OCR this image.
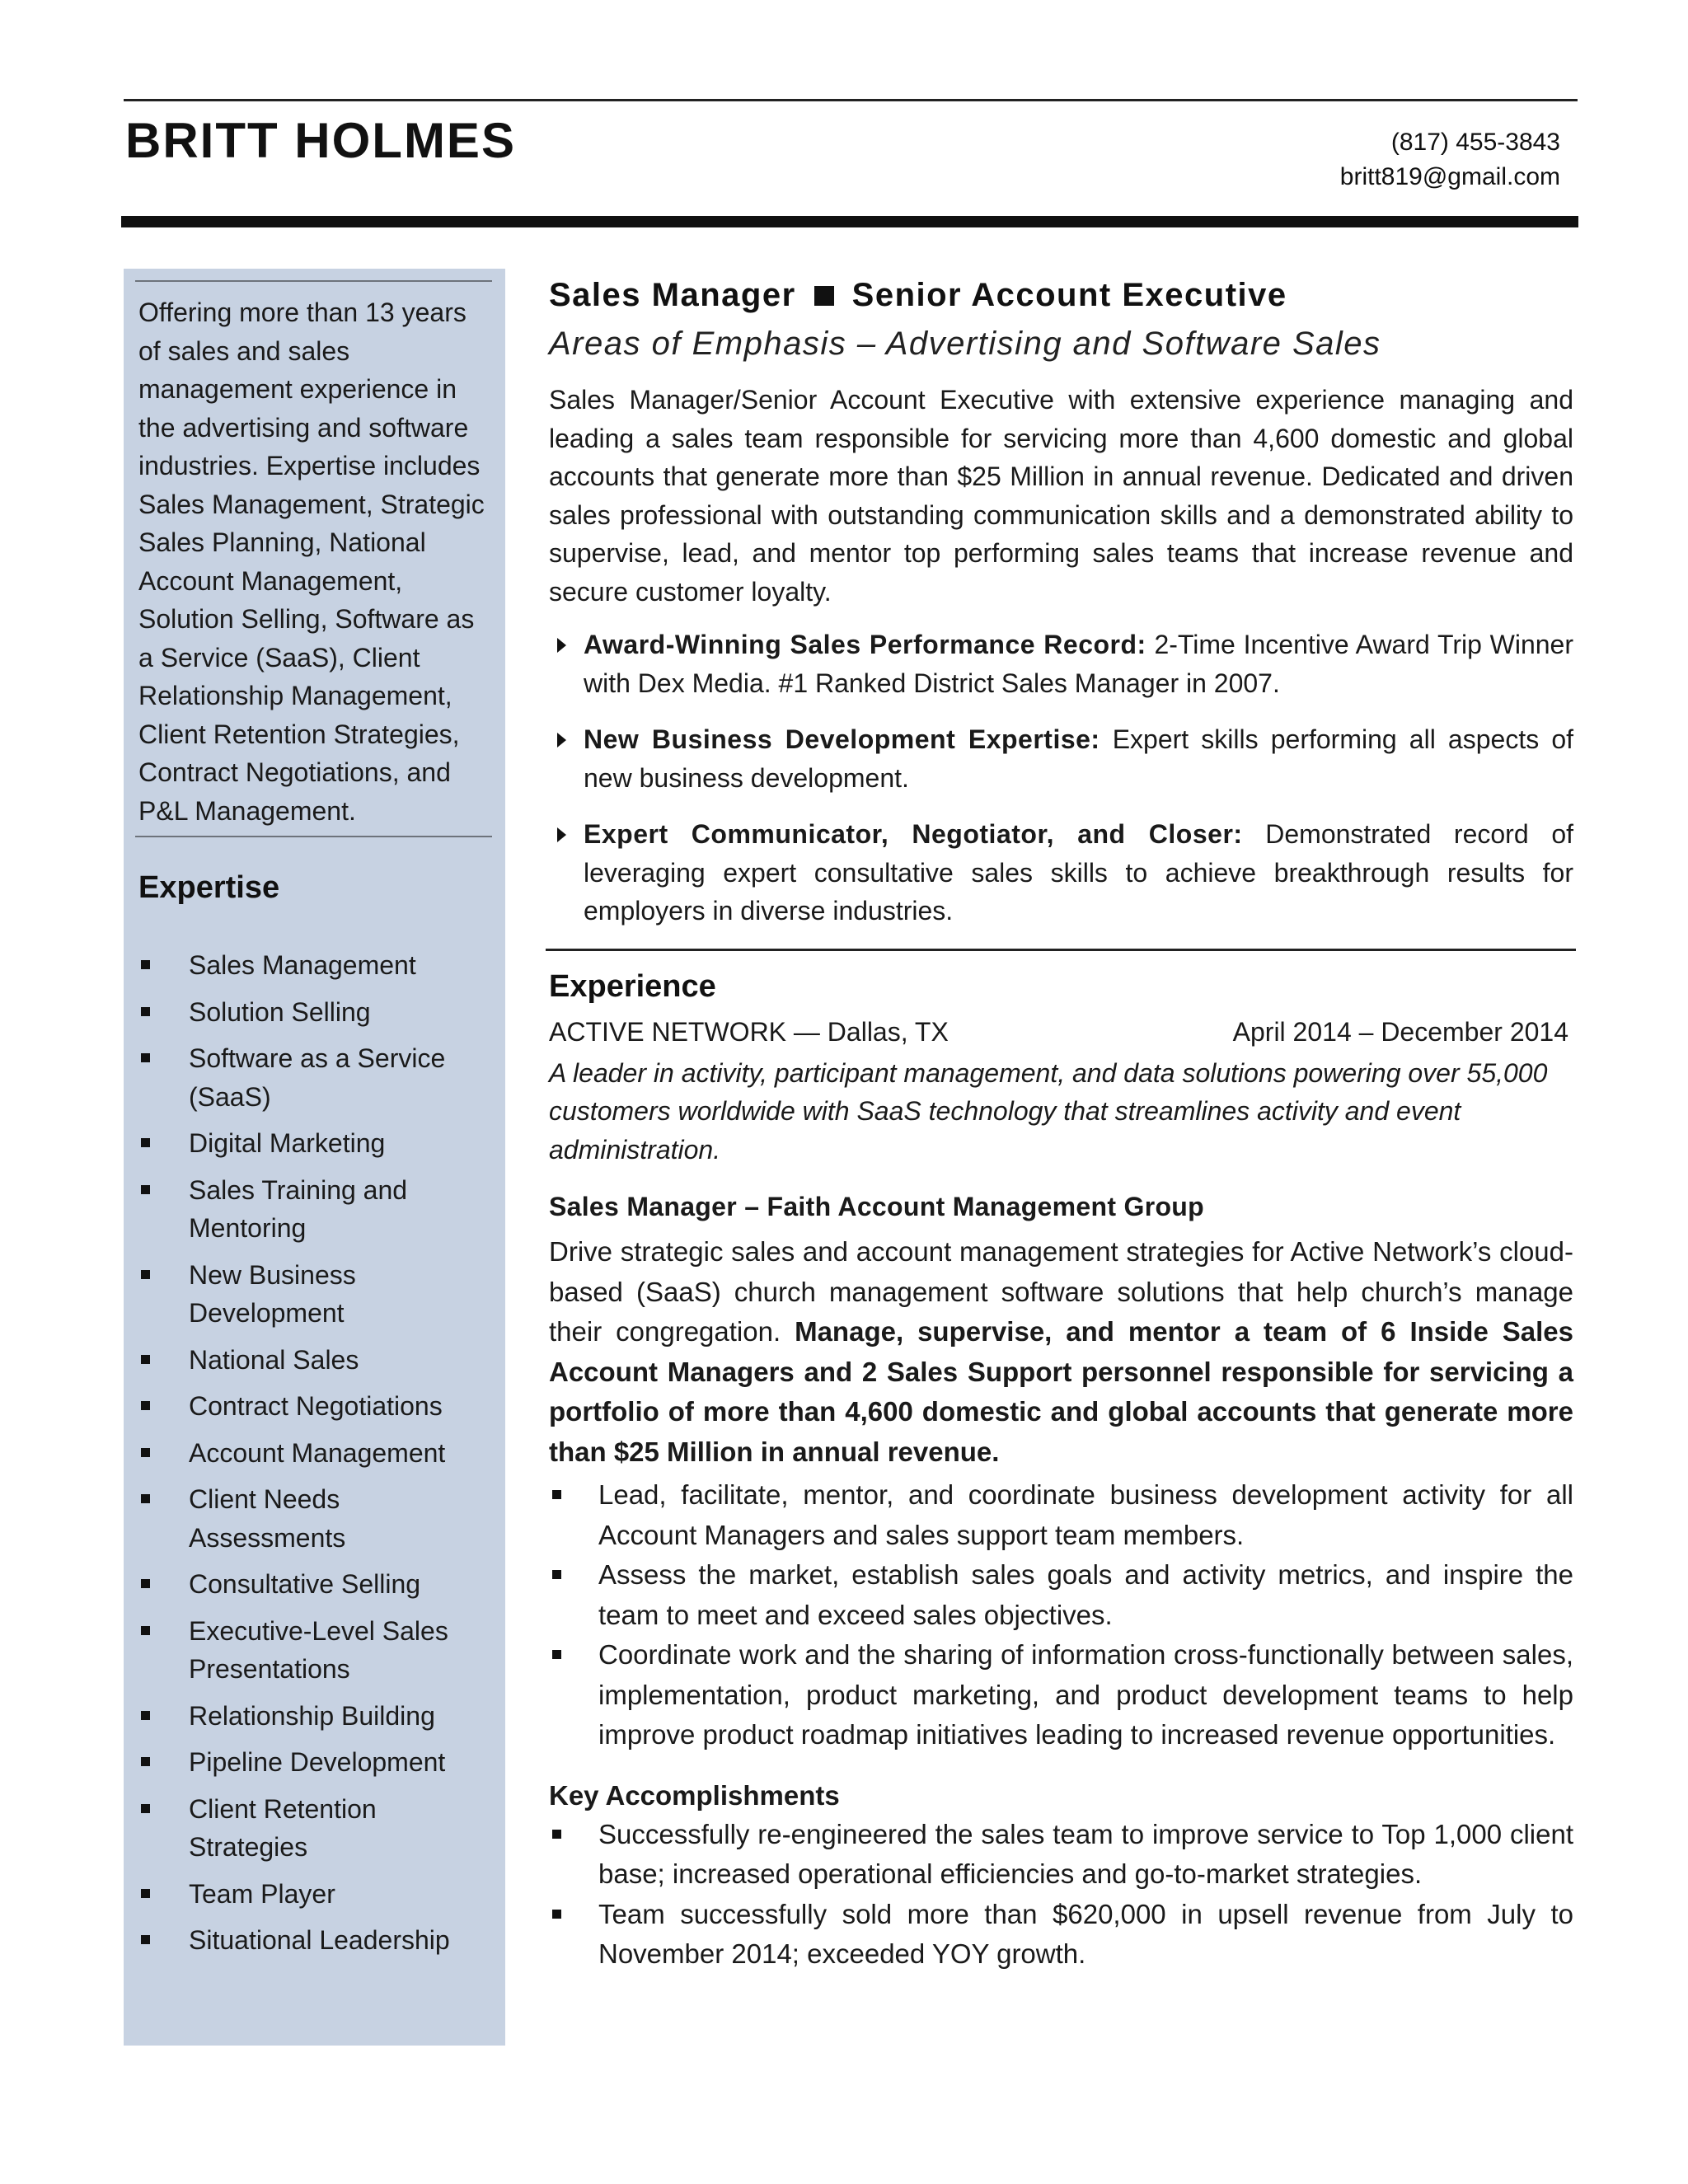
BRITT HOLMES	(817) 455-3843
britt819@gmail.com
Offering more than 13 years of sales and sales management experience in the advertising and software industries. Expertise includes Sales Management, Strategic Sales Planning, National Account Management, Solution Selling, Software as a Service (SaaS), Client Relationship Management, Client Retention Strategies, Contract Negotiations, and P&L Management.
Expertise
Sales Management
Solution Selling
Software as a Service (SaaS)
Digital Marketing
Sales Training and Mentoring
New Business Development
National Sales
Contract Negotiations
Account Management
Client Needs Assessments
Consultative Selling
Executive-Level Sales Presentations
Relationship Building
Pipeline Development
Client Retention Strategies
Team Player
Situational Leadership
Sales Manager Senior Account Executive
Areas of Emphasis – Advertising and Software Sales
Sales Manager/Senior Account Executive with extensive experience managing and leading a sales team responsible for servicing more than 4,600 domestic and global accounts that generate more than $25 Million in annual revenue. Dedicated and driven sales professional with outstanding communication skills and a demonstrated ability to supervise, lead, and mentor top performing sales teams that increase revenue and secure customer loyalty.
Award-Winning Sales Performance Record: 2-Time Incentive Award Trip Winner with Dex Media. #1 Ranked District Sales Manager in 2007.
New Business Development Expertise: Expert skills performing all aspects of new business development.
Expert Communicator, Negotiator, and Closer: Demonstrated record of leveraging expert consultative sales skills to achieve breakthrough results for employers in diverse industries.
Experience
ACTIVE NETWORK — Dallas, TX	April 2014 – December 2014
A leader in activity, participant management, and data solutions powering over 55,000 customers worldwide with SaaS technology that streamlines activity and event administration.
Sales Manager – Faith Account Management Group
Drive strategic sales and account management strategies for Active Network’s cloud-based (SaaS) church management software solutions that help church’s manage their congregation. Manage, supervise, and mentor a team of 6 Inside Sales Account Managers and 2 Sales Support personnel responsible for servicing a portfolio of more than 4,600 domestic and global accounts that generate more than $25 Million in annual revenue.
Lead, facilitate, mentor, and coordinate business development activity for all Account Managers and sales support team members.
Assess the market, establish sales goals and activity metrics, and inspire the team to meet and exceed sales objectives.
Coordinate work and the sharing of information cross-functionally between sales, implementation, product marketing, and product development teams to help improve product roadmap initiatives leading to increased revenue opportunities.
Key Accomplishments
Successfully re-engineered the sales team to improve service to Top 1,000 client base; increased operational efficiencies and go-to-market strategies.
Team successfully sold more than $620,000 in upsell revenue from July to November 2014; exceeded YOY growth.
